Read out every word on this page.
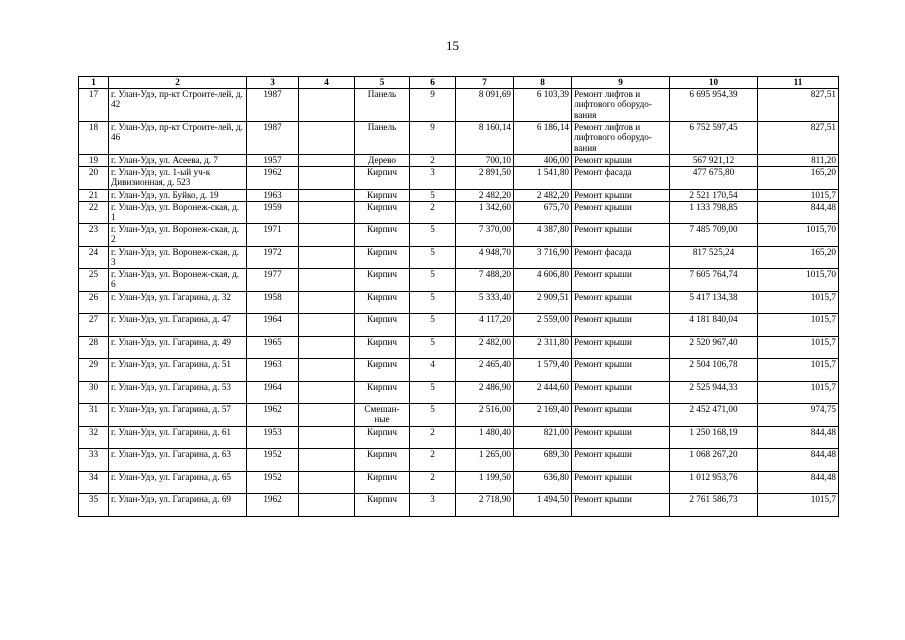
15
1	2	3	4	5	6	7	8	9	10	11
17	г. Улан-Удэ, пр-кт Строите-лей, д. 42	1987		Панель	9	8 091,69	6 103,39	Ремонт лифтов и лифтового оборудо-вания	6 695 954,39	827,51
18	г. Улан-Удэ, пр-кт Строите-лей, д. 46	1987		Панель	9	8 160,14	6 186,14	Ремонт лифтов и лифтового оборудо-вания	6 752 597,45	827,51
19	г. Улан-Удэ, ул. Асеева, д. 7	1957		Дерево	2	700,10	406,00	Ремонт крыши	567 921,12	811,20
20	г. Улан-Удэ, ул. 1-ый уч-к Дивизионная, д. 523	1962		Кирпич	3	2 891,50	1 541,80	Ремонт фасада	477 675,80	165,20
21	г. Улан-Удэ, ул. Буйко, д. 19	1963		Кирпич	5	2 482,20	2 482,20	Ремонт крыши	2 521 170,54	1015,7
22	г. Улан-Удэ, ул. Воронеж-ская, д. 1	1959		Кирпич	2	1 342,60	675,70	Ремонт крыши	1 133 798,85	844,48
23	г. Улан-Удэ, ул. Воронеж-ская, д. 2	1971		Кирпич	5	7 370,00	4 387,80	Ремонт крыши	7 485 709,00	1015,70
24	г. Улан-Удэ, ул. Воронеж-ская, д. 3	1972		Кирпич	5	4 948,70	3 716,90	Ремонт фасада	817 525,24	165,20
25	г. Улан-Удэ, ул. Воронеж-ская, д. 6	1977		Кирпич	5	7 488,20	4 606,80	Ремонт крыши	7 605 764,74	1015,70
26	г. Улан-Удэ, ул. Гагарина, д. 32	1958		Кирпич	5	5 333,40	2 909,51	Ремонт крыши	5 417 134,38	1015,7
27	г. Улан-Удэ, ул. Гагарина, д. 47	1964		Кирпич	5	4 117,20	2 559,00	Ремонт крыши	4 181 840,04	1015,7
28	г. Улан-Удэ, ул. Гагарина, д. 49	1965		Кирпич	5	2 482,00	2 311,80	Ремонт крыши	2 520 967,40	1015,7
29	г. Улан-Удэ, ул. Гагарина, д. 51	1963		Кирпич	4	2 465,40	1 579,40	Ремонт крыши	2 504 106,78	1015,7
30	г. Улан-Удэ, ул. Гагарина, д. 53	1964		Кирпич	5	2 486,90	2 444,60	Ремонт крыши	2 525 944,33	1015,7
31	г. Улан-Удэ, ул. Гагарина, д. 57	1962		Смешан-ные	5	2 516,00	2 169,40	Ремонт крыши	2 452 471,00	974,75
32	г. Улан-Удэ, ул. Гагарина, д. 61	1953		Кирпич	2	1 480,40	821,00	Ремонт крыши	1 250 168,19	844,48
33	г. Улан-Удэ, ул. Гагарина, д. 63	1952		Кирпич	2	1 265,00	689,30	Ремонт крыши	1 068 267,20	844,48
34	г. Улан-Удэ, ул. Гагарина, д. 65	1952		Кирпич	2	1 199,50	636,80	Ремонт крыши	1 012 953,76	844,48
35	г. Улан-Удэ, ул. Гагарина, д. 69	1962		Кирпич	3	2 718,90	1 494,50	Ремонт крыши	2 761 586,73	1015,7
